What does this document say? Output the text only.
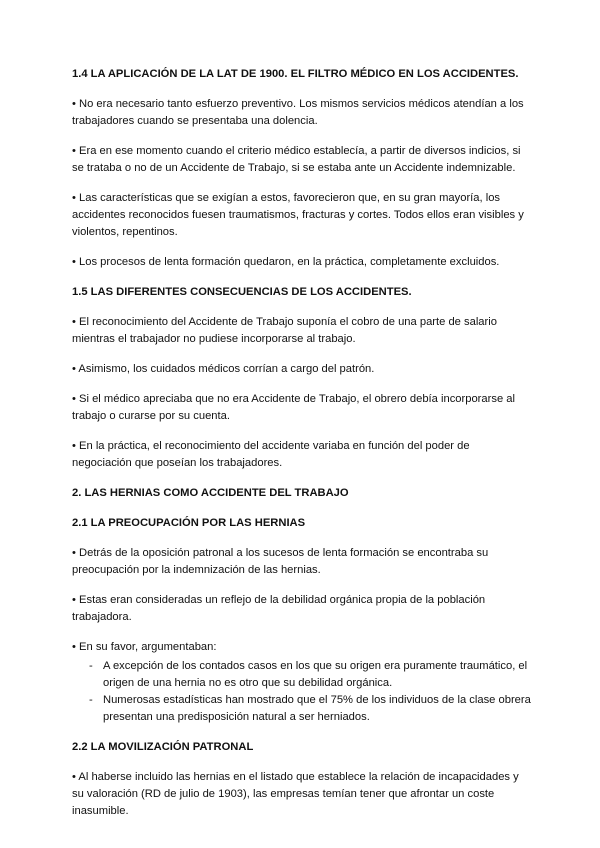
1.4 LA APLICACIÓN DE LA LAT DE 1900. EL FILTRO MÉDICO EN LOS ACCIDENTES.
• No era necesario tanto esfuerzo preventivo. Los mismos servicios médicos atendían a los trabajadores cuando se presentaba una dolencia.
• Era en ese momento cuando el criterio médico establecía, a partir de diversos indicios, si se trataba o no de un Accidente de Trabajo, si se estaba ante un Accidente indemnizable.
• Las características que se exigían a estos, favorecieron que, en su gran mayoría, los accidentes reconocidos fuesen traumatismos, fracturas y cortes. Todos ellos eran visibles y violentos, repentinos.
• Los procesos de lenta formación quedaron, en la práctica, completamente excluidos.
1.5 LAS DIFERENTES CONSECUENCIAS DE LOS ACCIDENTES.
• El reconocimiento del Accidente de Trabajo suponía el cobro de una parte de salario mientras el trabajador no pudiese incorporarse al trabajo.
• Asimismo, los cuidados médicos corrían a cargo del patrón.
• Si el médico apreciaba que no era Accidente de Trabajo, el obrero debía incorporarse al trabajo o curarse por su cuenta.
• En la práctica, el reconocimiento del accidente variaba en función del poder de negociación que poseían los trabajadores.
2. LAS HERNIAS COMO ACCIDENTE DEL TRABAJO
2.1 LA PREOCUPACIÓN POR LAS HERNIAS
• Detrás de la oposición patronal a los sucesos de lenta formación se encontraba su preocupación por la indemnización de las hernias.
• Estas eran consideradas un reflejo de la debilidad orgánica propia de la población trabajadora.
• En su favor, argumentaban:
- A excepción de los contados casos en los que su origen era puramente traumático, el origen de una hernia no es otro que su debilidad orgánica.
- Numerosas estadísticas han mostrado que el 75% de los individuos de la clase obrera presentan una predisposición natural a ser herniados.
2.2 LA MOVILIZACIÓN PATRONAL
• Al haberse incluido las hernias en el listado que establece la relación de incapacidades y su valoración (RD de julio de 1903), las empresas temían tener que afrontar un coste inasumible.
